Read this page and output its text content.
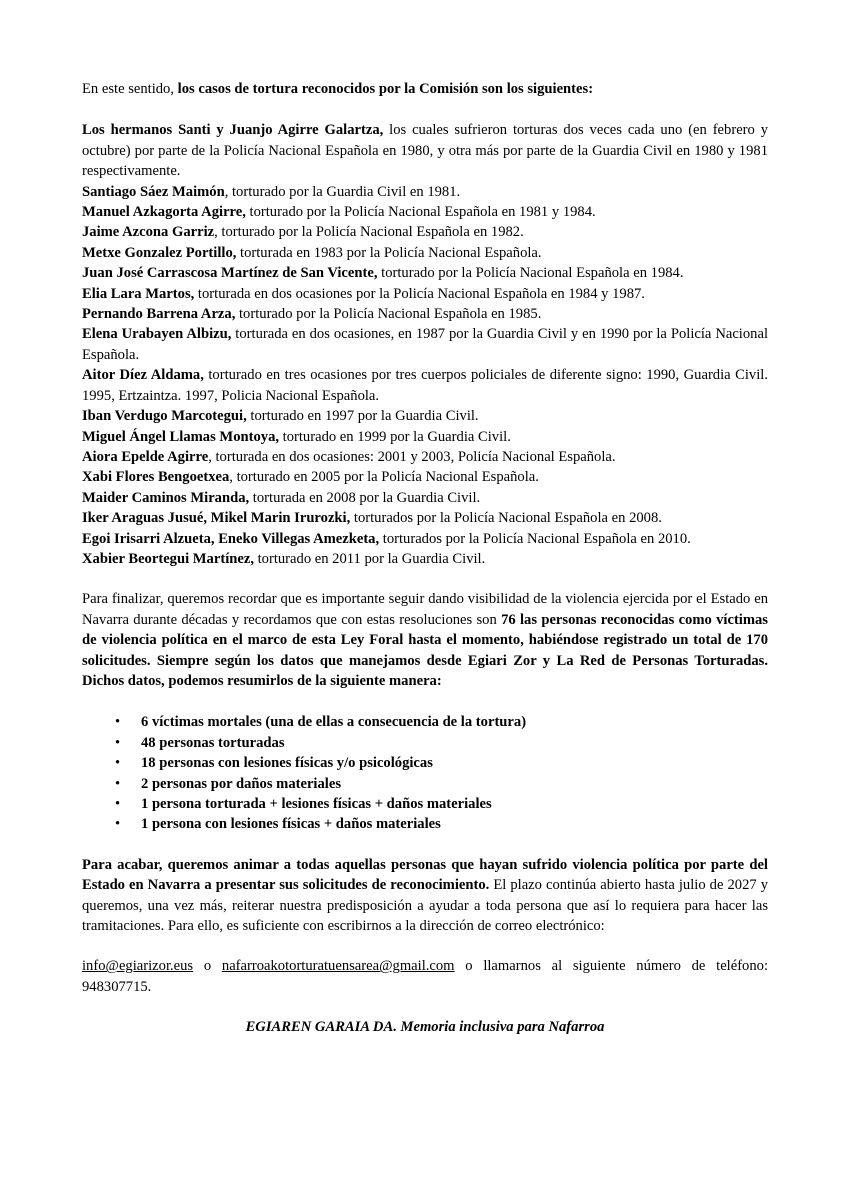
En este sentido, los casos de tortura reconocidos por la Comisión son los siguientes:

Los hermanos Santi y Juanjo Agirre Galartza, los cuales sufrieron torturas dos veces cada uno (en febrero y octubre) por parte de la Policía Nacional Española en 1980, y otra más por parte de la Guardia Civil en 1980 y 1981 respectivamente.

Santiago Sáez Maimón, torturado por la Guardia Civil en 1981.

Manuel Azkagorta Agirre, torturado por la Policía Nacional Española en 1981 y 1984.

Jaime Azcona Garriz, torturado por la Policía Nacional Española en 1982.

Metxe Gonzalez Portillo, torturada en 1983 por la Policía Nacional Española.

Juan José Carrascosa Martínez de San Vicente, torturado por la Policía Nacional Española en 1984.

Elia Lara Martos, torturada en dos ocasiones por la Policía Nacional Española en 1984 y 1987.

Pernando Barrena Arza, torturado por la Policía Nacional Española en 1985.

Elena Urabayen Albizu, torturada en dos ocasiones, en 1987 por la Guardia Civil y en 1990 por la Policía Nacional Española.

Aitor Díez Aldama, torturado en tres ocasiones por tres cuerpos policiales de diferente signo: 1990, Guardia Civil. 1995, Ertzaintza. 1997, Policia Nacional Española.

Iban Verdugo Marcotegui, torturado en 1997 por la Guardia Civil.

Miguel Ángel Llamas Montoya, torturado en 1999 por la Guardia Civil.

Aiora Epelde Agirre, torturada en dos ocasiones: 2001 y 2003, Policía Nacional Española.

Xabi Flores Bengoetxea, torturado en 2005 por la Policía Nacional Española.

Maider Caminos Miranda, torturada en 2008 por la Guardia Civil.

Iker Araguas Jusué, Mikel Marin Irurozki, torturados por la Policía Nacional Española en 2008.

Egoi Irisarri Alzueta, Eneko Villegas Amezketa, torturados por la Policía Nacional Española en 2010.

Xabier Beortegui Martínez, torturado en 2011 por la Guardia Civil.

Para finalizar, queremos recordar que es importante seguir dando visibilidad de la violencia ejercida por el Estado en Navarra durante décadas y recordamos que con estas resoluciones son 76 las personas reconocidas como víctimas de violencia política en el marco de esta Ley Foral hasta el momento, habiéndose registrado un total de 170 solicitudes. Siempre según los datos que manejamos desde Egiari Zor y La Red de Personas Torturadas. Dichos datos, podemos resumirlos de la siguiente manera:

• 6 víctimas mortales (una de ellas a consecuencia de la tortura)
• 48 personas torturadas
• 18 personas con lesiones físicas y/o psicológicas
• 2 personas por daños materiales
• 1 persona torturada + lesiones físicas + daños materiales
• 1 persona con lesiones físicas + daños materiales

Para acabar, queremos animar a todas aquellas personas que hayan sufrido violencia política por parte del Estado en Navarra a presentar sus solicitudes de reconocimiento. El plazo continúa abierto hasta julio de 2027 y queremos, una vez más, reiterar nuestra predisposición a ayudar a toda persona que así lo requiera para hacer las tramitaciones. Para ello, es suficiente con escribirnos a la dirección de correo electrónico:

info@egiarizor.eus o nafarroakotorturatuensarea@gmail.com o llamarnos al siguiente número de teléfono: 948307715.

EGIAREN GARAIA DA. Memoria inclusiva para Nafarroa
